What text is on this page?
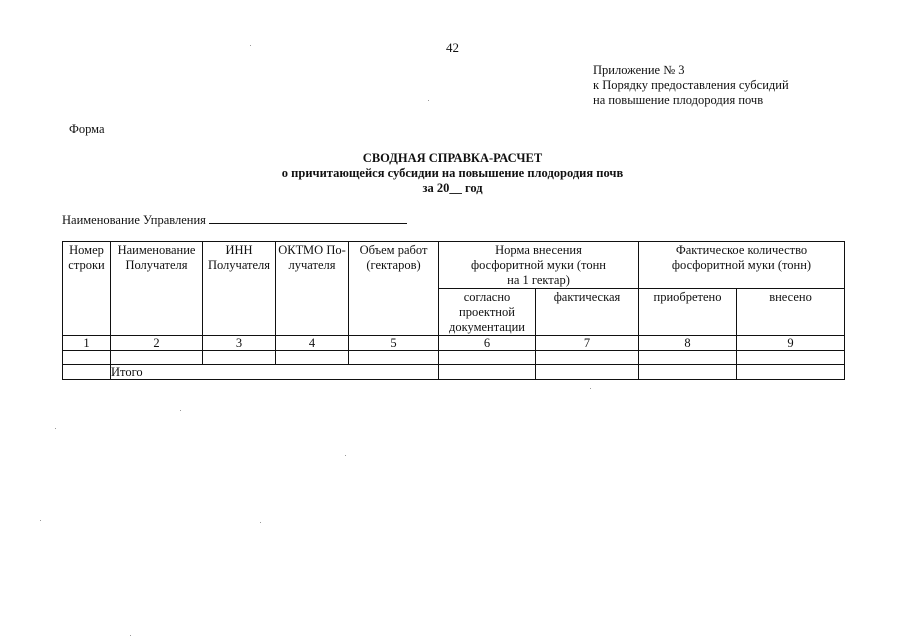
42
Приложение № 3
к Порядку предоставления субсидий
на повышение плодородия почв
Форма
СВОДНАЯ СПРАВКА-РАСЧЕТ
о причитающейся субсидии на повышение плодородия почв
за 20__ год
Наименование Управления
Номер строки	Наименование Получателя	ИНН Получателя	ОКТМО По-лучателя	Объем работ (гектаров)	Норма внесения фосфоритной муки (тонн на 1 гектар)		Фактическое количество фосфоритной муки (тонн)	
					согласно проектной документации	фактическая	приобретено	внесено
1	2	3	4	5	6	7	8	9

	Итого							
